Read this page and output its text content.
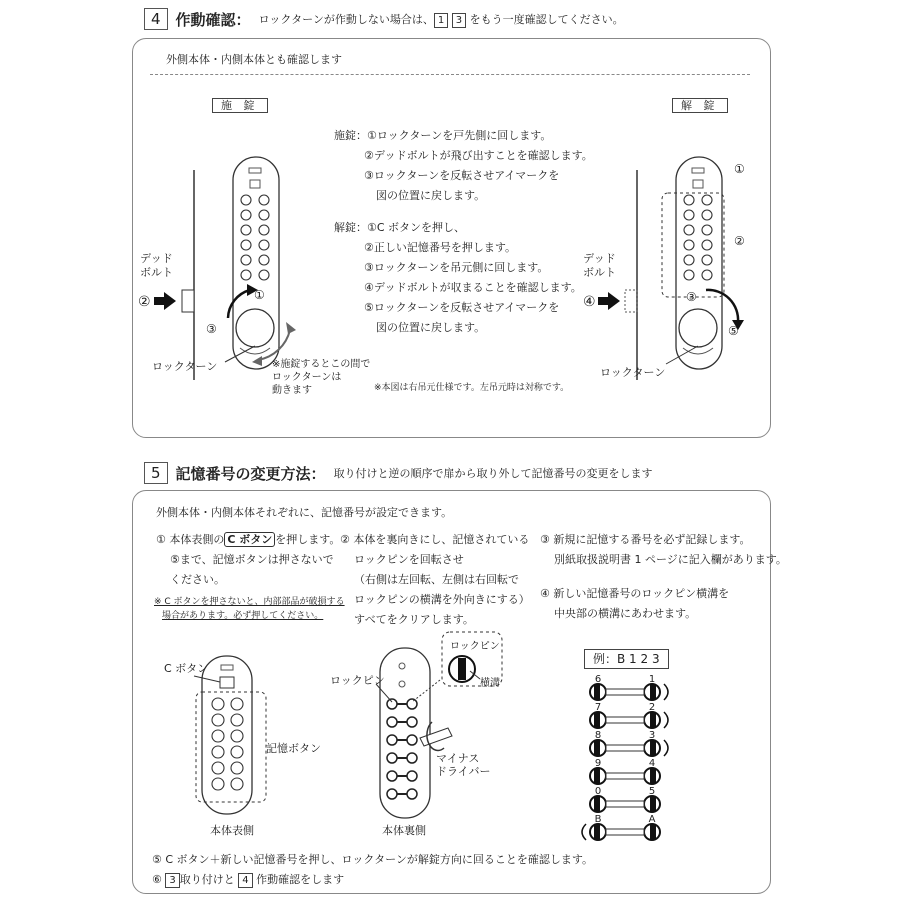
4	作動確認： ロックターンが作動しない場合は、 1 3 をもう一度確認してください。
外側本体・内側本体とも確認します
施 錠	解 錠
施錠：①ロックターンを戸先側に回します。
②デッドボルトが飛び出すことを確認します。
③ロックターンを反転させアイマークを
図の位置に戻します。
解錠：①C ボタンを押し、
②正しい記憶番号を押します。
③ロックターンを吊元側に回します。
④デッドボルトが収まることを確認します。
⑤ロックターンを反転させアイマークを
図の位置に戻します。
※本図は右吊元仕様です。左吊元時は対称です。
デッド
ボルト
②	①
③
ロックターン	※施錠するとこの間で
ロックターンは
動きます
デッド
ボルト
①
②
③
④
⑤
ロックターン
5	記憶番号の変更方法： 取り付けと逆の順序で扉から取り外して記憶番号の変更をします
外側本体・内側本体それぞれに、記憶番号が設定できます。
① 本体表側の C ボタン を押します。
⑤まで、記憶ボタンは押さないで
ください。
※ C ボタンを押さないと、内部部品が破損する
場合があります。必ず押してください。
② 本体を裏向きにし、記憶されている
ロックピンを回転させ
（右側は左回転、左側は右回転で
ロックピンの横溝を外向きにする）
すべてをクリアします。
③ 新規に記憶する番号を必ず記録します。
別紙取扱説明書 1 ページに記入欄があります。
④ 新しい記憶番号のロックピン横溝を
中央部の横溝にあわせます。
C ボタン
記憶ボタン
本体表側
ロックピン
横溝
ロックピン
マイナス
ドライバー
本体裏側
例：B 1 2 3
6	1
7	2
8	3
9	4
0	5
B	A
⑤ C ボタン＋新しい記憶番号を押し、ロックターンが解錠方向に回ることを確認します。
⑥ 3 取り付けと 4 作動確認をします
